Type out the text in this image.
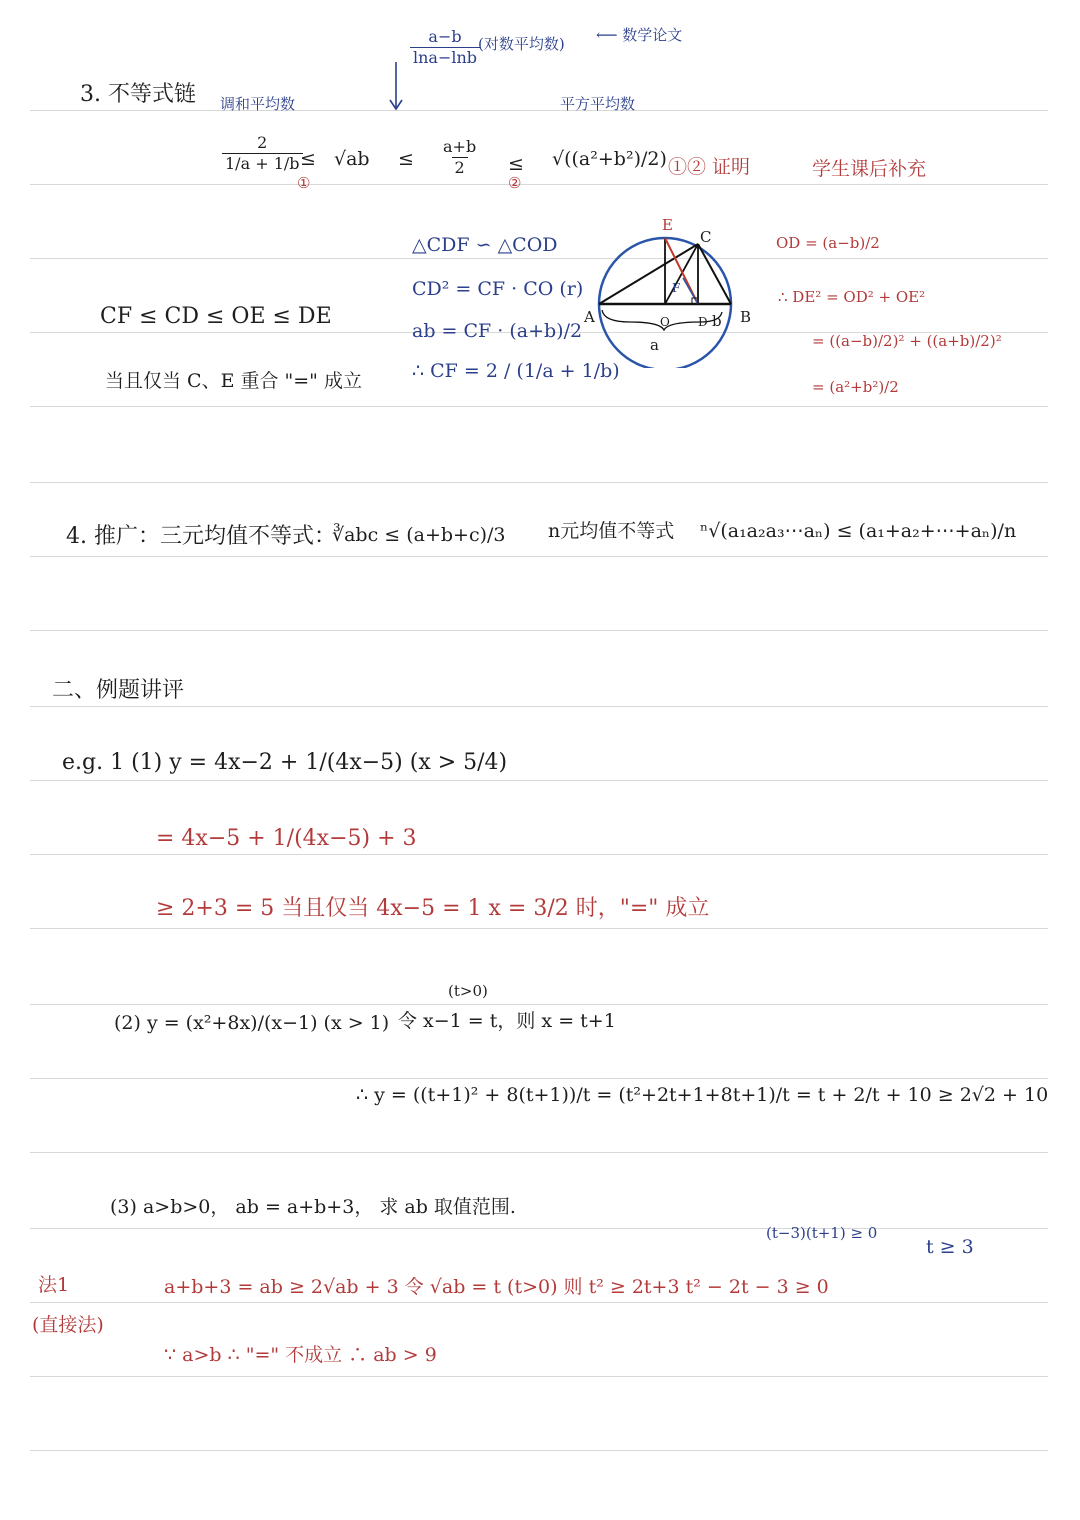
3. 不等式链 调和平均数
$\frac{a-b}{\ln a-\ln b}$
(对数平均数) ⟵ 数学论文
平方平均数
$\frac{2}{1/a + 1/b}$
≤
①
$√ab \le \frac{a+b}{2}$ ≤
②
√((a²+b²)/2) ①② 证明	学生课后补充
CF ≤ CD ≤ OE ≤ DE
当且仅当 C、E 重合 "=" 成立
△CDF ∽ △COD
CD² = CF · CO (r)
ab = CF · (a+b)/2
∴ CF = 2 / (1/a + 1/b)
E
C
A	B
O D
F
a
b
OD = (a−b)/2
∴ DE² = OD² + OE²
= ((a−b)/2)² + ((a+b)/2)²
= (a²+b²)/2
4. 推广：三元均值不等式：
∛abc ≤ (a+b+c)/3 n元均值不等式 ⁿ√(a₁a₂a₃⋯aₙ) ≤ (a₁+a₂+⋯+aₙ)/n
二、例题讲评
e.g. 1 (1) y = 4x−2 + 1/(4x−5) (x > 5/4)
= 4x−5 + 1/(4x−5) + 3
≥ 2+3 = 5 当且仅当 4x−5 = 1 x = 3/2 时，"=" 成立
(t>0)
(2) y = (x²+8x)/(x−1) (x > 1) 令 x−1 = t，则 x = t+1
∴ y = ((t+1)² + 8(t+1))/t = (t²+2t+1+8t+1)/t = t + 2/t + 10 ≥ 2√2 + 10
(3) a>b>0， ab = a+b+3， 求 ab 取值范围.
(t−3)(t+1) ≥ 0
t ≥ 3
法1
(直接法)
a+b+3 = ab ≥ 2√ab + 3 令 √ab = t (t>0) 则 t² ≥ 2t+3 t² − 2t − 3 ≥ 0
∵ a>b ∴ "=" 不成立 ∴ ab > 9
